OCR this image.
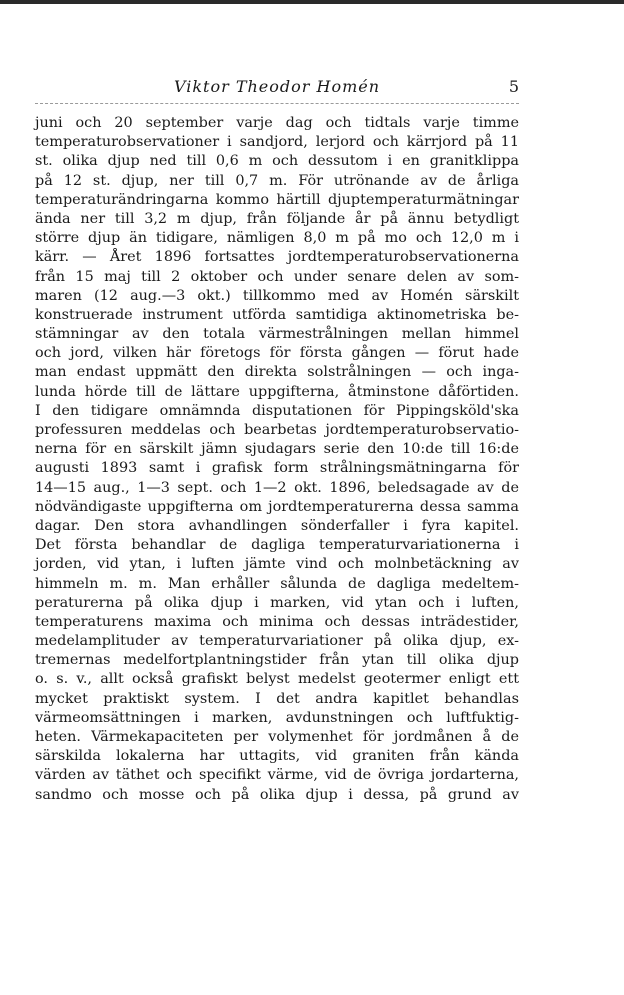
Viktor Theodor Homén	5
juni och 20 september varje dag och tidtals varje timme
temperaturobservationer i sandjord, lerjord och kärrjord på 11
st. olika djup ned till 0,6 m och dessutom i en granitklippa
på 12 st. djup, ner till 0,7 m. För utrönande av de årliga
temperaturändringarna kommo härtill djuptemperaturmätningar
ända ner till 3,2 m djup, från följande år på ännu betydligt
större djup än tidigare, nämligen 8,0 m på mo och 12,0 m i
kärr. — Året 1896 fortsattes jordtemperaturobservationerna
från 15 maj till 2 oktober och under senare delen av som-
maren (12 aug.—3 okt.) tillkommo med av Homén särskilt
konstruerade instrument utförda samtidiga aktinometriska be-
stämningar av den totala värmestrålningen mellan himmel
och jord, vilken här företogs för första gången — förut hade
man endast uppmätt den direkta solstrålningen — och inga-
lunda hörde till de lättare uppgifterna, åtminstone dåförtiden.
I den tidigare omnämnda disputationen för Pippingsköld'ska
professuren meddelas och bearbetas jordtemperaturobservatio-
nerna för en särskilt jämn sjudagars serie den 10:de till 16:de
augusti 1893 samt i grafisk form strålningsmätningarna för
14—15 aug., 1—3 sept. och 1—2 okt. 1896, beledsagade av de
nödvändigaste uppgifterna om jordtemperaturerna dessa samma
dagar. Den stora avhandlingen sönderfaller i fyra kapitel.
Det första behandlar de dagliga temperaturvariationerna i
jorden, vid ytan, i luften jämte vind och molnbetäckning av
himmeln m. m. Man erhåller sålunda de dagliga medeltem-
peraturerna på olika djup i marken, vid ytan och i luften,
temperaturens maxima och minima och dessas inträdestider,
medelamplituder av temperaturvariationer på olika djup, ex-
tremernas medelfortplantningstider från ytan till olika djup
o. s. v., allt också grafiskt belyst medelst geotermer enligt ett
mycket praktiskt system. I det andra kapitlet behandlas
värmeomsättningen i marken, avdunstningen och luftfuktig-
heten. Värmekapaciteten per volymenhet för jordmånen å de
särskilda lokalerna har uttagits, vid graniten från kända
värden av täthet och specifikt värme, vid de övriga jordarterna,
sandmo och mosse och på olika djup i dessa, på grund av
